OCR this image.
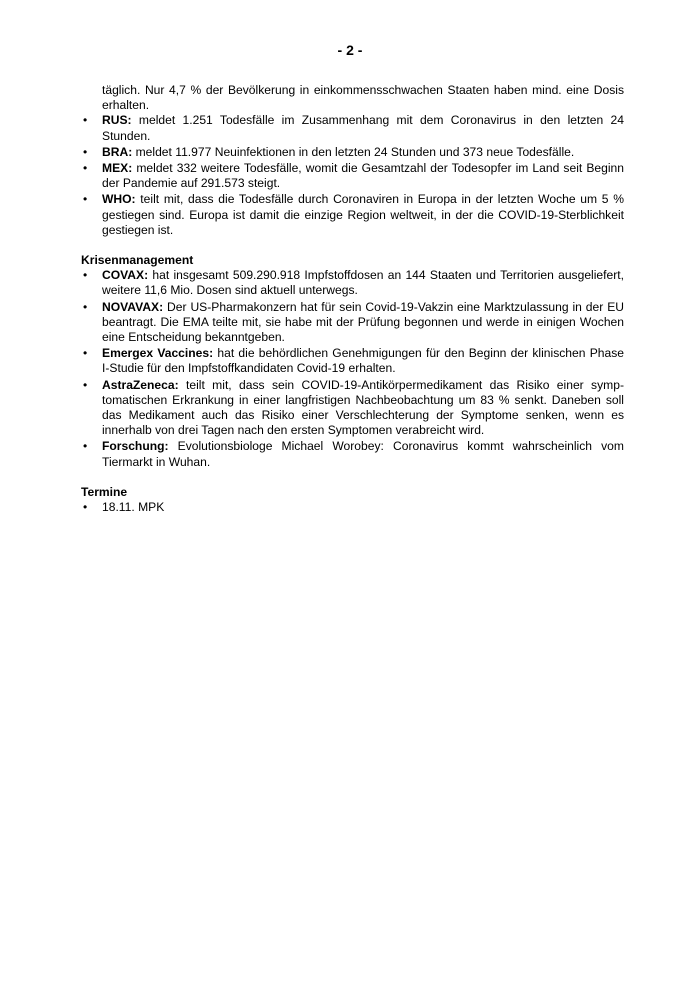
- 2 -

täglich. Nur 4,7 % der Bevölkerung in einkommensschwachen Staaten haben mind. eine Dosis erhalten.

• RUS: meldet 1.251 Todesfälle im Zusammenhang mit dem Coronavirus in den letzten 24 Stunden.
• BRA: meldet 11.977 Neuinfektionen in den letzten 24 Stunden und 373 neue Todesfälle.
• MEX: meldet 332 weitere Todesfälle, womit die Gesamtzahl der Todesopfer im Land seit Beginn der Pandemie auf 291.573 steigt.
• WHO: teilt mit, dass die Todesfälle durch Coronaviren in Europa in der letzten Woche um 5 % gestiegen sind. Europa ist damit die einzige Region weltweit, in der die COVID-19-Sterblichkeit gestiegen ist.
Krisenmanagement
• COVAX: hat insgesamt 509.290.918 Impfstoffdosen an 144 Staaten und Territorien ausgeliefert, weitere 11,6 Mio. Dosen sind aktuell unterwegs.
• NOVAVAX: Der US-Pharmakonzern hat für sein Covid-19-Vakzin eine Marktzulassung in der EU beantragt. Die EMA teilte mit, sie habe mit der Prüfung begonnen und werde in einigen Wochen eine Entscheidung bekanntgeben.
• Emergex Vaccines: hat die behördlichen Genehmigungen für den Beginn der klinischen Phase I-Studie für den Impfstoffkandidaten Covid-19 erhalten.
• AstraZeneca: teilt mit, dass sein COVID-19-Antikörpermedikament das Risiko einer symptomatischen Erkrankung in einer langfristigen Nachbeobachtung um 83 % senkt. Daneben soll das Medikament auch das Risiko einer Verschlechterung der Symptome senken, wenn es innerhalb von drei Tagen nach den ersten Symptomen verabreicht wird.
• Forschung: Evolutionsbiologe Michael Worobey: Coronavirus kommt wahrscheinlich vom Tiermarkt in Wuhan.
Termine
• 18.11. MPK
